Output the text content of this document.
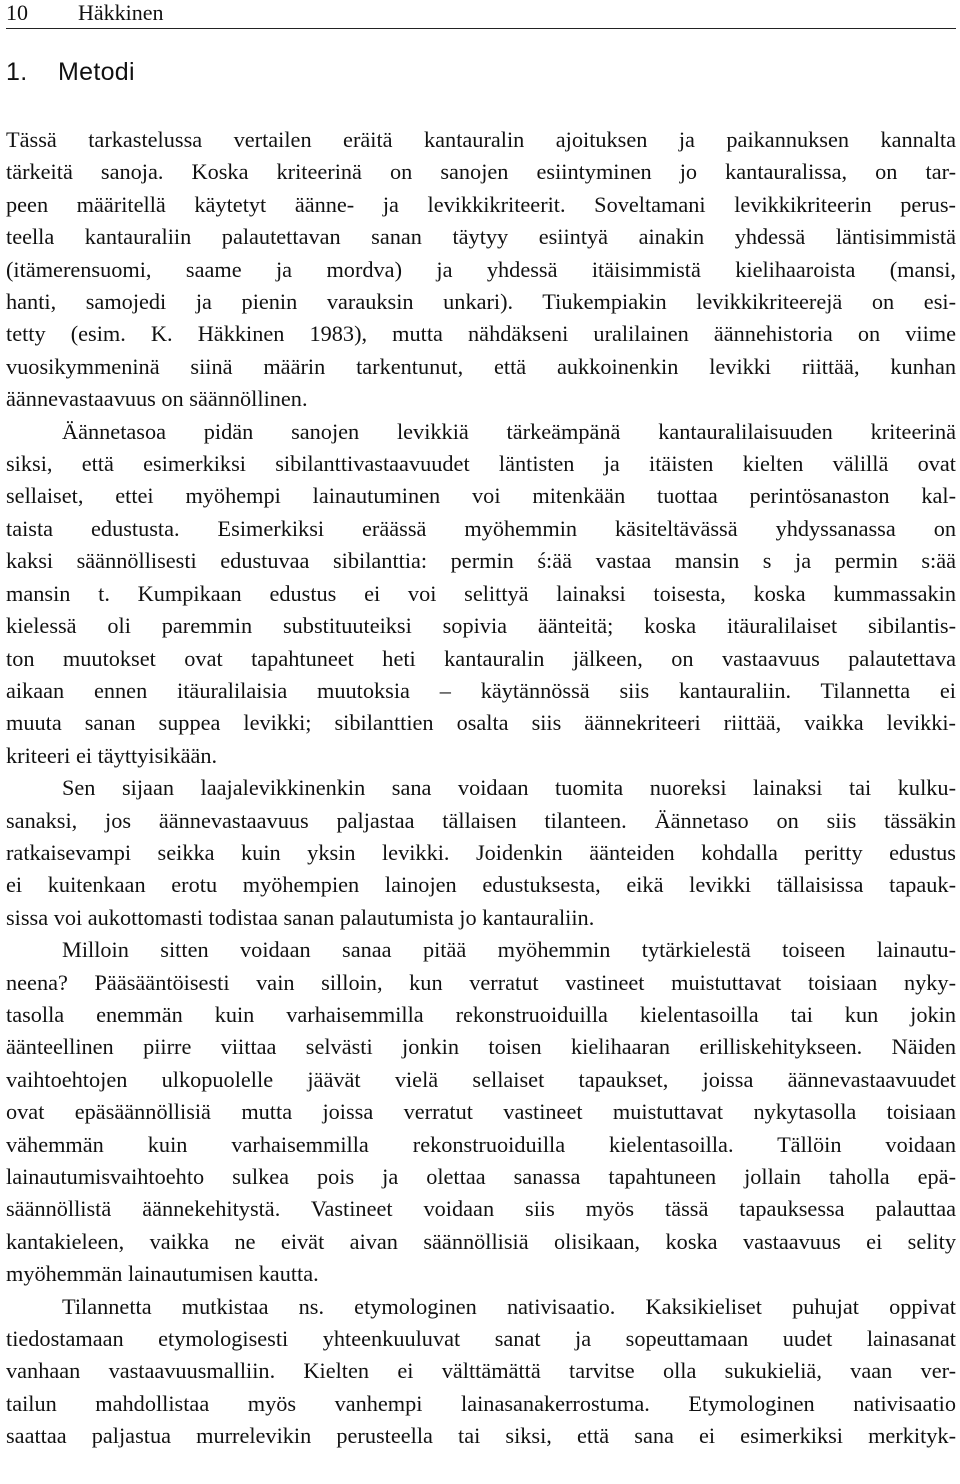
10 Häkkinen
1. Metodi

Tässä tarkastelussa vertailen eräitä kantauralin ajoituksen ja paikannuksen kannalta
tärkeitä sanoja. Koska kriteerinä on sanojen esiintyminen jo kantauralissa, on tar-
peen määritellä käytetyt äänne- ja levikkikriteerit. Soveltamani levikkikriteerin perus-
teella kantauraliin palautettavan sanan täytyy esiintyä ainakin yhdessä läntisimmistä
(itämerensuomi, saame ja mordva) ja yhdessä itäisimmistä kielihaaroista (mansi,
hanti, samojedi ja pienin varauksin unkari). Tiukempiakin levikkikriteerejä on esi-
tetty (esim. K. Häkkinen 1983), mutta nähdäkseni uralilainen äännehistoria on viime
vuosikymmeninä siinä määrin tarkentunut, että aukkoinenkin levikki riittää, kunhan
äännevastaavuus on säännöllinen.

Äännetasoa pidän sanojen levikkiä tärkeämpänä kantauralilaisuuden kriteerinä
siksi, että esimerkiksi sibilanttivastaavuudet läntisten ja itäisten kielten välillä ovat
sellaiset, ettei myöhempi lainautuminen voi mitenkään tuottaa perintösanaston kal-
taista edustusta. Esimerkiksi eräässä myöhemmin käsiteltävässä yhdyssanassa on
kaksi säännöllisesti edustuvaa sibilanttia: permin ś:ää vastaa mansin s ja permin s:ää
mansin t. Kumpikaan edustus ei voi selittyä lainaksi toisesta, koska kummassakin
kielessä oli paremmin substituuteiksi sopivia äänteitä; koska itäuralilaiset sibilantis-
ton muutokset ovat tapahtuneet heti kantauralin jälkeen, on vastaavuus palautettava
aikaan ennen itäuralilaisia muutoksia – käytännössä siis kantauraliin. Tilannetta ei
muuta sanan suppea levikki; sibilanttien osalta siis äännekriteeri riittää, vaikka levikki-
kriteeri ei täyttyisikään.

Sen sijaan laajalevikkinenkin sana voidaan tuomita nuoreksi lainaksi tai kulku-
sanaksi, jos äännevastaavuus paljastaa tällaisen tilanteen. Äännetaso on siis tässäkin
ratkaisevampi seikka kuin yksin levikki. Joidenkin äänteiden kohdalla peritty edustus
ei kuitenkaan erotu myöhempien lainojen edustuksesta, eikä levikki tällaisissa tapauk-
sissa voi aukottomasti todistaa sanan palautumista jo kantauraliin.

Milloin sitten voidaan sanaa pitää myöhemmin tytärkielestä toiseen lainautu-
neena? Pääsääntöisesti vain silloin, kun verratut vastineet muistuttavat toisiaan nyky-
tasolla enemmän kuin varhaisemmilla rekonstruoiduilla kielentasoilla tai kun jokin
äänteellinen piirre viittaa selvästi jonkin toisen kielihaaran erilliskehitykseen. Näiden
vaihtoehtojen ulkopuolelle jäävät vielä sellaiset tapaukset, joissa äännevastaavuudet
ovat epäsäännöllisiä mutta joissa verratut vastineet muistuttavat nykytasolla toisiaan
vähemmän kuin varhaisemmilla rekonstruoiduilla kielentasoilla. Tällöin voidaan
lainautumisvaihtoehto sulkea pois ja olettaa sanassa tapahtuneen jollain taholla epä-
säännöllistä äännekehitystä. Vastineet voidaan siis myös tässä tapauksessa palauttaa
kantakieleen, vaikka ne eivät aivan säännöllisiä olisikaan, koska vastaavuus ei selity
myöhemmän lainautumisen kautta.

Tilannetta mutkistaa ns. etymologinen nativisaatio. Kaksikieliset puhujat oppivat
tiedostamaan etymologisesti yhteenkuuluvat sanat ja sopeuttamaan uudet lainasanat
vanhaan vastaavuusmalliin. Kielten ei välttämättä tarvitse olla sukukieliä, vaan ver-
tailun mahdollistaa myös vanhempi lainasanakerrostuma. Etymologinen nativisaatio
saattaa paljastua murrelevikin perusteella tai siksi, että sana ei esimerkiksi merkityk-
